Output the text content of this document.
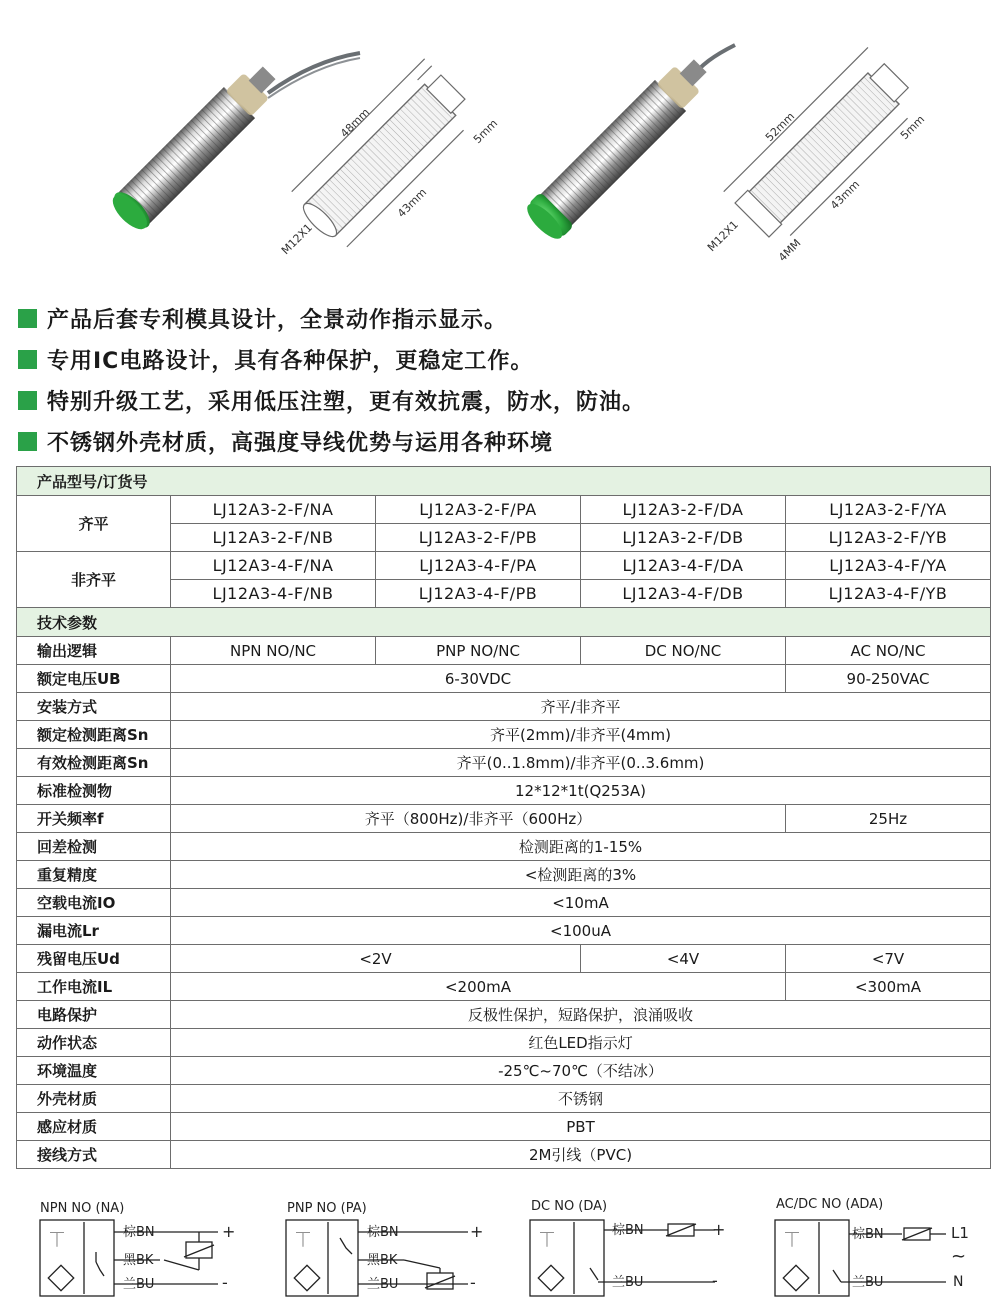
48mm
43mm
5mm
M12X1
52mm
43mm
5mm
M12X1	4MM
产品后套专利模具设计，全景动作指示显示。
专用IC电路设计，具有各种保护，更稳定工作。
特别升级工艺，采用低压注塑，更有效抗震，防水，防油。
不锈钢外壳材质，高强度导线优势与运用各种环境
产品型号/订货号				
齐平	LJ12A3-2-F/NA	LJ12A3-2-F/PA	LJ12A3-2-F/DA	LJ12A3-2-F/YA
	LJ12A3-2-F/NB	LJ12A3-2-F/PB	LJ12A3-2-F/DB	LJ12A3-2-F/YB
非齐平	LJ12A3-4-F/NA	LJ12A3-4-F/PA	LJ12A3-4-F/DA	LJ12A3-4-F/YA
	LJ12A3-4-F/NB	LJ12A3-4-F/PB	LJ12A3-4-F/DB	LJ12A3-4-F/YB
技术参数				
输出逻辑	NPN NO/NC	PNP NO/NC	DC NO/NC	AC NO/NC
额定电压UB	6-30VDC			90-250VAC
安装方式	齐平/非齐平			
额定检测距离Sn	齐平(2mm)/非齐平(4mm)			
有效检测距离Sn	齐平(0..1.8mm)/非齐平(0..3.6mm)			
标准检测物	12*12*1t(Q253A)			
开关频率f	齐平（800Hz)/非齐平（600Hz）			25Hz
回差检测	检测距离的1-15%			
重复精度	<检测距离的3%			
空载电流IO	<10mA			
漏电流Lr	<100uA			
残留电压Ud	<2V		<4V	<7V
工作电流IL	<200mA			<300mA
电路保护	反极性保护，短路保护，浪涌吸收			
动作状态	红色LED指示灯			
环境温度	-25℃~70℃（不结冰）			
外壳材质	不锈钢			
感应材质	PBT			
接线方式	2M引线（PVC)			
NPN NO (NA)
⏉
棕BN
黑BK
兰BU
+
-
PNP NO (PA)
⏉
棕BN
黑BK
兰BU
+
-
DC NO (DA)
⏉
棕BN
兰BU
+
-
AC/DC NO (ADA)
⏉	棕BN
兰BU
L1
~
N
